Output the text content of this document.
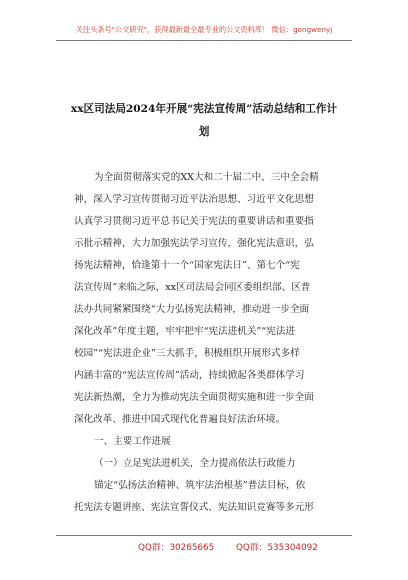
关注头条号"公文研究"，获得最新最全最专业的公文资料库！ 微信：gongwenyj
xx区司法局2024年开展“宪法宣传周”活动总结和工作计
划
为全面贯彻落实党的XX大和二十届二中、三中全会精
神，深入学习宣传贯彻习近平法治思想、习近平文化思想
认真学习贯彻习近平总书记关于宪法的重要讲话和重要指
示批示精神，大力加强宪法学习宣传，强化宪法意识，弘
扬宪法精神，恰逢第十一个“国家宪法日”、第七个“宪
法宣传周”来临之际，xx区司法局会同区委组织部、区普
法办共同紧紧围绕“大力弘扬宪法精神，推动进一步全面
深化改革”年度主题，牢牢把牢“宪法进机关”“宪法进
校园”“宪法进企业”三大抓手，积极组织开展形式多样
内涵丰富的“宪法宣传周”活动，持续掀起各类群体学习
宪法新热潮，全力为推动宪法全面贯彻实施和进一步全面
深化改革、推进中国式现代化普遍良好法治环境。
一、主要工作进展
（一）立足宪法进机关，全力提高依法行政能力
锚定“弘扬法治精神、筑牢法治根基”普法目标，依
托宪法专题讲座、宪法宣誓仪式、宪法知识竞赛等多元形
QQ群：30265665 QQ群：535304092
